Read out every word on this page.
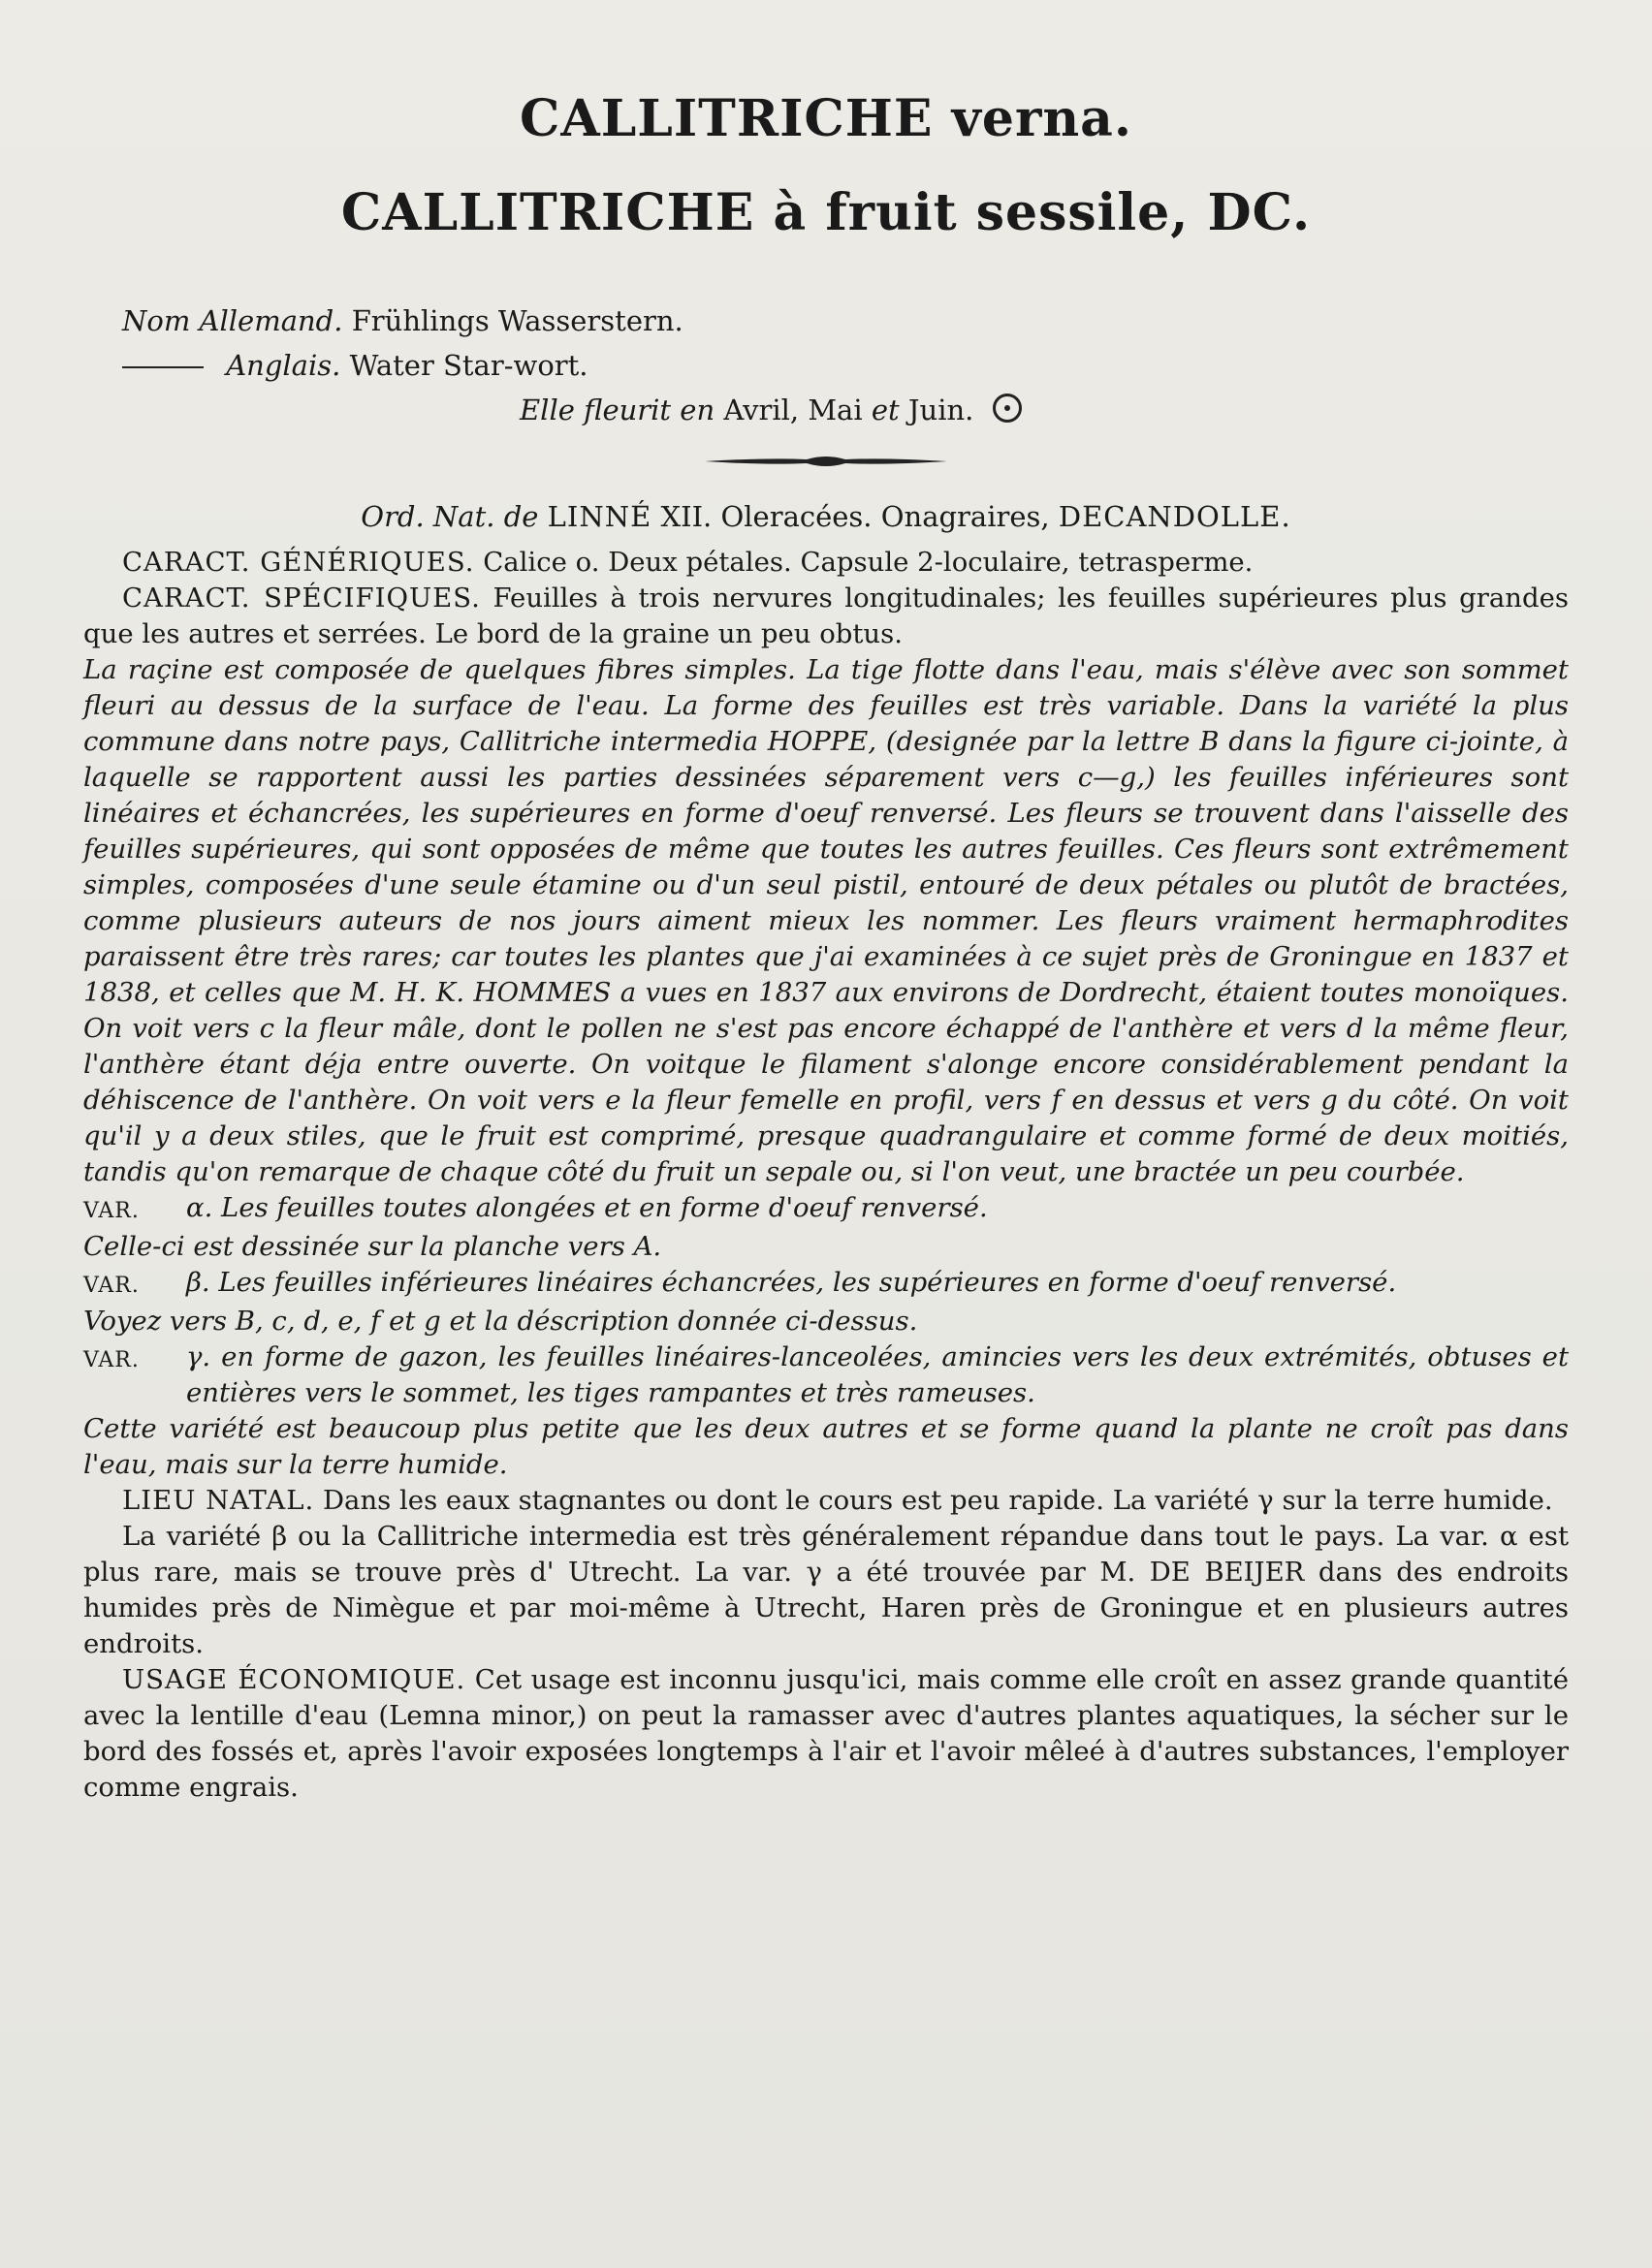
CALLITRICHE verna.
CALLITRICHE à fruit sessile, DC.
Nom Allemand. Frühlings Wasserstern.
Anglais. Water Star-wort.
Elle fleurit en Avril, Mai et Juin.
Ord. Nat. de LINNÉ XII. Oleracées. Onagraires, DECANDOLLE.

CARACT. GÉNÉRIQUES. Calice o. Deux pétales. Capsule 2-loculaire, tetrasperme.

CARACT. SPÉCIFIQUES. Feuilles à trois nervures longitudinales; les feuilles supérieures plus grandes que les autres et serrées. Le bord de la graine un peu obtus.

La raçine est composée de quelques fibres simples. La tige flotte dans l'eau, mais s'élève avec son sommet fleuri au dessus de la surface de l'eau. La forme des feuilles est très variable. Dans la variété la plus commune dans notre pays, Callitriche intermedia HOPPE, (designée par la lettre B dans la figure ci-jointe, à laquelle se rapportent aussi les parties dessinées séparement vers c—g,) les feuilles inférieures sont linéaires et échancrées, les supérieures en forme d'oeuf renversé. Les fleurs se trouvent dans l'aisselle des feuilles supérieures, qui sont opposées de même que toutes les autres feuilles. Ces fleurs sont extrêmement simples, composées d'une seule étamine ou d'un seul pistil, entouré de deux pétales ou plutôt de bractées, comme plusieurs auteurs de nos jours aiment mieux les nommer. Les fleurs vraiment hermaphrodites paraissent être très rares; car toutes les plantes que j'ai examinées à ce sujet près de Groningue en 1837 et 1838, et celles que M. H. K. HOMMES a vues en 1837 aux environs de Dordrecht, étaient toutes monoïques. On voit vers c la fleur mâle, dont le pollen ne s'est pas encore échappé de l'anthère et vers d la même fleur, l'anthère étant déja entre ouverte. On voitque le filament s'alonge encore considérablement pendant la déhiscence de l'anthère. On voit vers e la fleur femelle en profil, vers f en dessus et vers g du côté. On voit qu'il y a deux stiles, que le fruit est comprimé, presque quadrangulaire et comme formé de deux moitiés, tandis qu'on remarque de chaque côté du fruit un sepale ou, si l'on veut, une bractée un peu courbée.

VAR.	α. Les feuilles toutes alongées et en forme d'oeuf renversé.

Celle-ci est dessinée sur la planche vers A.

VAR.	β. Les feuilles inférieures linéaires échancrées, les supérieures en forme d'oeuf renversé.

Voyez vers B, c, d, e, f et g et la déscription donnée ci-dessus.

VAR.	γ. en forme de gazon, les feuilles linéaires-lanceolées, amincies vers les deux extrémités, obtuses et entières vers le sommet, les tiges rampantes et très rameuses.

Cette variété est beaucoup plus petite que les deux autres et se forme quand la plante ne croît pas dans l'eau, mais sur la terre humide.

LIEU NATAL. Dans les eaux stagnantes ou dont le cours est peu rapide. La variété γ sur la terre humide.

La variété β ou la Callitriche intermedia est très généralement répandue dans tout le pays. La var. α est plus rare, mais se trouve près d' Utrecht. La var. γ a été trouvée par M. DE BEIJER dans des endroits humides près de Nimègue et par moi-même à Utrecht, Haren près de Groningue et en plusieurs autres endroits.

USAGE ÉCONOMIQUE. Cet usage est inconnu jusqu'ici, mais comme elle croît en assez grande quantité avec la lentille d'eau (Lemna minor,) on peut la ramasser avec d'autres plantes aquatiques, la sécher sur le bord des fossés et, après l'avoir exposées longtemps à l'air et l'avoir mêleé à d'autres substances, l'employer comme engrais.
